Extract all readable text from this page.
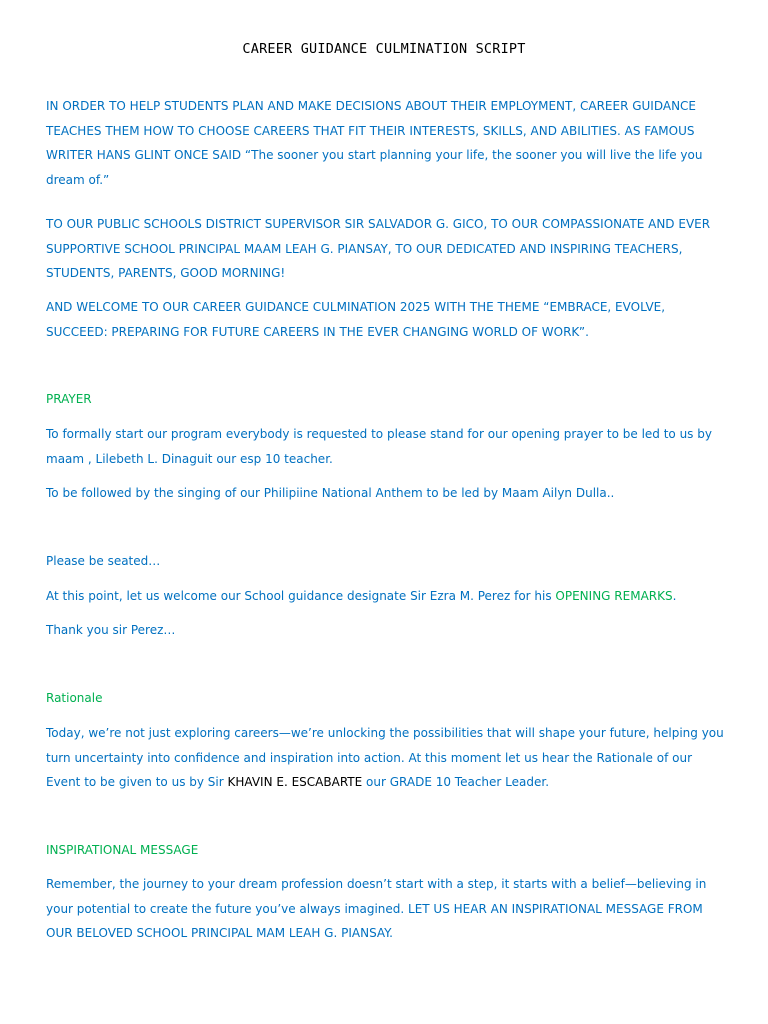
CAREER GUIDANCE CULMINATION SCRIPT

IN ORDER TO HELP STUDENTS PLAN AND MAKE DECISIONS ABOUT THEIR EMPLOYMENT, CAREER GUIDANCE TEACHES THEM HOW TO CHOOSE CAREERS THAT FIT THEIR INTERESTS, SKILLS, AND ABILITIES. AS FAMOUS WRITER HANS GLINT ONCE SAID “The sooner you start planning your life, the sooner you will live the life you dream of.”

TO OUR PUBLIC SCHOOLS DISTRICT SUPERVISOR SIR SALVADOR G. GICO, TO OUR COMPASSIONATE AND EVER SUPPORTIVE SCHOOL PRINCIPAL MAAM LEAH G. PIANSAY, TO OUR DEDICATED AND INSPIRING TEACHERS, STUDENTS, PARENTS, GOOD MORNING!

AND WELCOME TO OUR CAREER GUIDANCE CULMINATION 2025 WITH THE THEME “EMBRACE, EVOLVE, SUCCEED: PREPARING FOR FUTURE CAREERS IN THE EVER CHANGING WORLD OF WORK”.

PRAYER

To formally start our program everybody is requested to please stand for our opening prayer to be led to us by maam , Lilebeth L. Dinaguit our esp 10 teacher.

To be followed by the singing of our Philipiine National Anthem to be led by Maam Ailyn Dulla..

Please be seated…

At this point, let us welcome our School guidance designate Sir Ezra M. Perez for his OPENING REMARKS.

Thank you sir Perez…

Rationale

Today, we’re not just exploring careers—we’re unlocking the possibilities that will shape your future, helping you turn uncertainty into confidence and inspiration into action. At this moment let us hear the Rationale of our Event to be given to us by Sir KHAVIN E. ESCABARTE our GRADE 10 Teacher Leader.

INSPIRATIONAL MESSAGE

Remember, the journey to your dream profession doesn’t start with a step, it starts with a belief—believing in your potential to create the future you’ve always imagined. LET US HEAR AN INSPIRATIONAL MESSAGE FROM OUR BELOVED SCHOOL PRINCIPAL MAM LEAH G. PIANSAY.
